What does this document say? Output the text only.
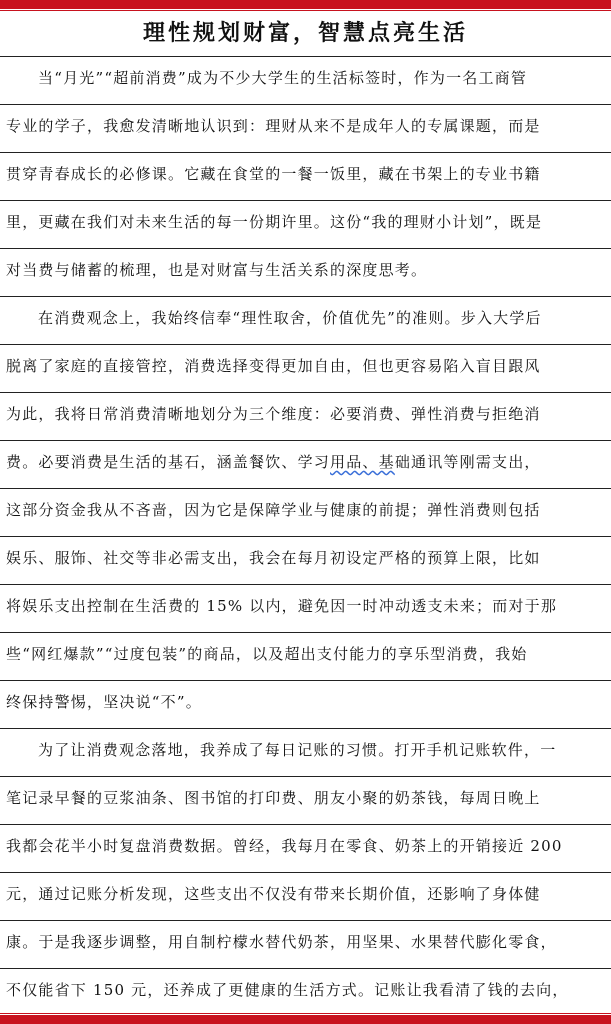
理性规划财富，智慧点亮生活
当“月光”“超前消费”成为不少大学生的生活标签时，作为一名工商管
专业的学子，我愈发清晰地认识到：理财从来不是成年人的专属课题，而是
贯穿青春成长的必修课。它藏在食堂的一餐一饭里，藏在书架上的专业书籍
里，更藏在我们对未来生活的每一份期许里。这份“我的理财小计划”，既是
对当费与储蓄的梳理，也是对财富与生活关系的深度思考。
在消费观念上，我始终信奉“理性取舍，价值优先”的准则。步入大学后
脱离了家庭的直接管控，消费选择变得更加自由，但也更容易陷入盲目跟风
为此，我将日常消费清晰地划分为三个维度：必要消费、弹性消费与拒绝消
费。必要消费是生活的基石，涵盖餐饮、学习用品、基础通讯等刚需支出，
这部分资金我从不吝啬，因为它是保障学业与健康的前提；弹性消费则包括
娱乐、服饰、社交等非必需支出，我会在每月初设定严格的预算上限，比如
将娱乐支出控制在生活费的 15% 以内，避免因一时冲动透支未来；而对于那
些“网红爆款”“过度包装”的商品，以及超出支付能力的享乐型消费，我始
终保持警惕，坚决说“不”。
为了让消费观念落地，我养成了每日记账的习惯。打开手机记账软件，一
笔记录早餐的豆浆油条、图书馆的打印费、朋友小聚的奶茶钱，每周日晚上
我都会花半小时复盘消费数据。曾经，我每月在零食、奶茶上的开销接近 200
元，通过记账分析发现，这些支出不仅没有带来长期价值，还影响了身体健
康。于是我逐步调整，用自制柠檬水替代奶茶，用坚果、水果替代膨化零食，
不仅能省下 150 元，还养成了更健康的生活方式。记账让我看清了钱的去向，
